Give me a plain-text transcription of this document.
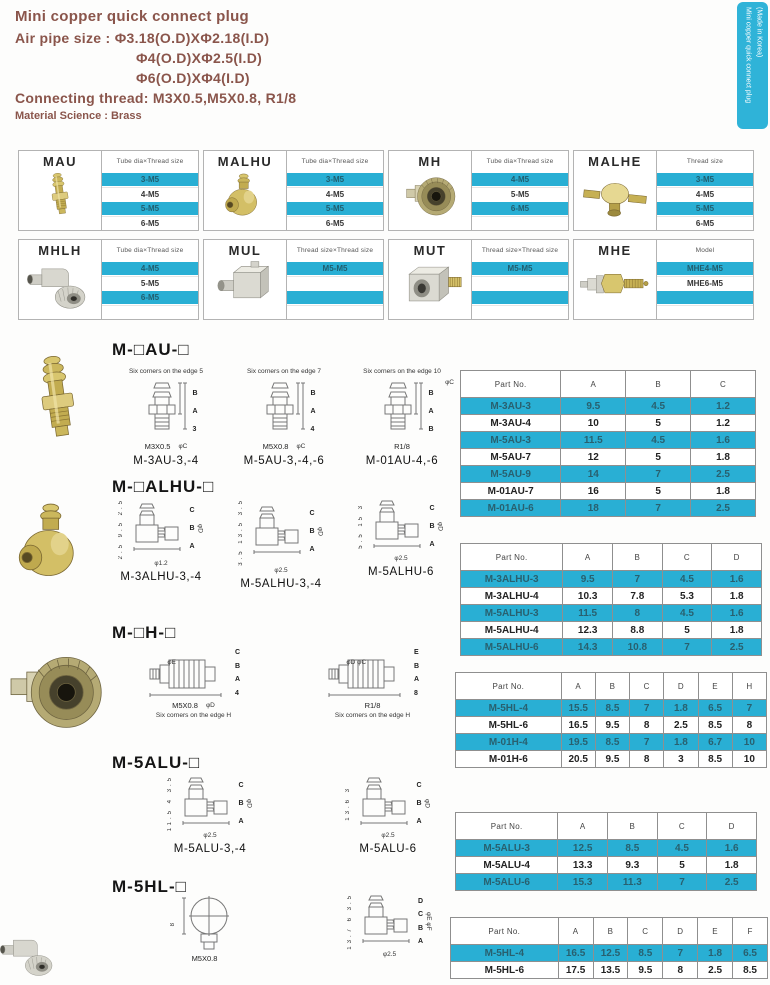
Mini copper quick connect plug
Air pipe size : Φ3.18(O.D)XΦ2.18(I.D)
Φ4(O.D)XΦ2.5(I.D)
Φ6(O.D)XΦ4(I.D)
Connecting thread: M3X0.5,M5X0.8, R1/8
Material Science : Brass
Mini copper quick connect plug (Made in Korea)
MAU	Tube dia×Thread size
3-M5
4-M5
5-M5
6-M5
MALHU	Tube dia×Thread size
3-M5
4-M5
5-M5
6-M5
MH	Tube dia×Thread size
4-M5
5-M5
6-M5

MALHE	Thread size
3-M5
4-M5
5-M5
6-M5
MHLH	Tube dia×Thread size
4-M5
5-M5
6-M5

MUL	Thread size×Thread size
M5-M5

MUT	Thread size×Thread size
M5-M5

MHE	Model
MHE4-M5
MHE6-M5

M-□AU-□
Six corners on the edge 5
B
A
3
M3X0.5 φC
M-3AU-3,-4
Six corners on the edge 7
B
A
4
M5X0.8 φC
M-5AU-3,-4,-6
Six corners on the edge 10
B
A
B
R1/8
φC
M-01AU-4,-6
Part No.	A	B	C
M-3AU-3	9.5	4.5	1.2
M-3AU-4	10	5	1.2
M-5AU-3	11.5	4.5	1.6
M-5AU-7	12	5	1.8
M-5AU-9	14	7	2.5
M-01AU-7	16	5	1.8
M-01AU-6	18	7	2.5
M-□ALHU-□
2.5 9.5 2.5	C
B
A
φD
φ1.2
M-3ALHU-3,-4
3.5 13.5 3.5	C
B
A
φD
φ2.5
M-5ALHU-3,-4
5.5 15 3	C
B
A
φD
φ2.5
M-5ALHU-6
Part No.	A	B	C	D
M-3ALHU-3	9.5	7	4.5	1.6
M-3ALHU-4	10.3	7.8	5.3	1.8
M-5ALHU-3	11.5	8	4.5	1.6
M-5ALHU-4	12.3	8.8	5	1.8
M-5ALHU-6	14.3	10.8	7	2.5
M-□H-□
C
B
A
4
M5X0.8 φD
Six corners on the edge H
φE
E
B
A
8
R1/8
Six corners on the edge H
φD φC
Part No.	A	B	C	D	E	H
M-5HL-4	15.5	8.5	7	1.8	6.5	7
M-5HL-6	16.5	9.5	8	2.5	8.5	8
M-01H-4	19.5	8.5	7	1.8	6.7	10
M-01H-6	20.5	9.5	8	3	8.5	10
M-5ALU-□
11.5 4 3.5	C
B
A
φD
φ2.5
M-5ALU-3,-4
13.6 3
C
B
A
φD
φ2.5
M-5ALU-6
Part No.	A	B	C	D
M-5ALU-3	12.5	8.5	4.5	1.6
M-5ALU-4	13.3	9.3	5	1.8
M-5ALU-6	15.3	11.3	7	2.5
M-5HL-□
8
M5X0.8
13.7 6 3.5	D
C
B
A
φE φF
φ2.5
Part No.	A	B	C	D	E	F
M-5HL-4	16.5	12.5	8.5	7	1.8	6.5
M-5HL-6	17.5	13.5	9.5	8	2.5	8.5
